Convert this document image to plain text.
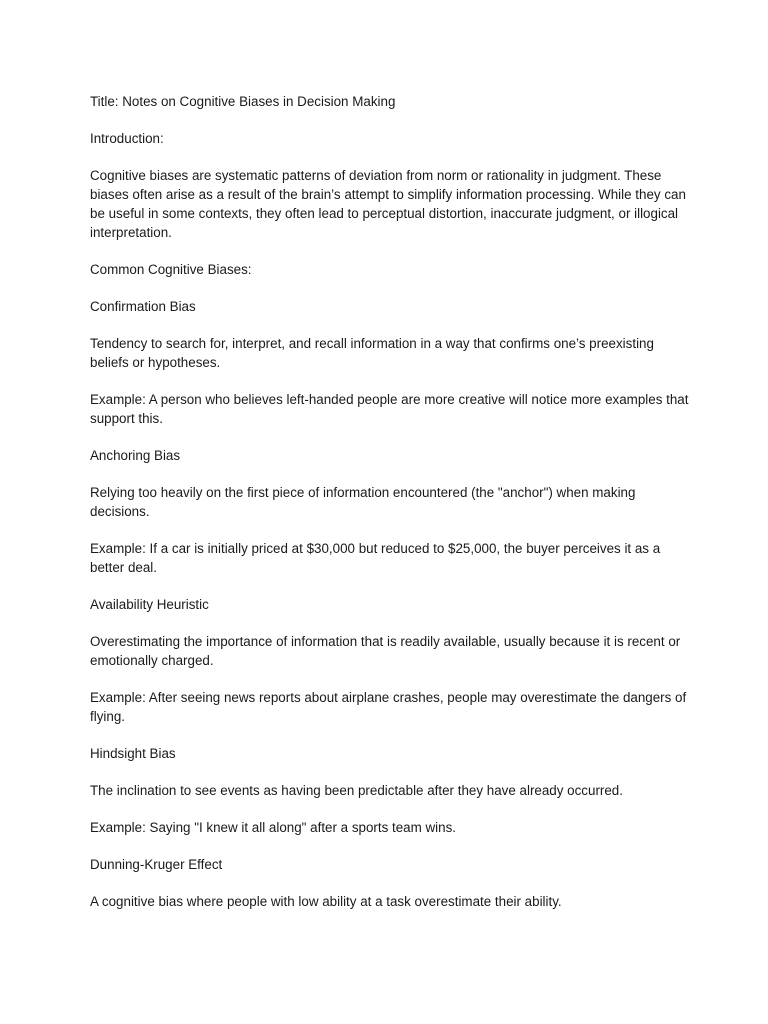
Title: Notes on Cognitive Biases in Decision Making

Introduction:

Cognitive biases are systematic patterns of deviation from norm or rationality in judgment. These biases often arise as a result of the brain’s attempt to simplify information processing. While they can be useful in some contexts, they often lead to perceptual distortion, inaccurate judgment, or illogical interpretation.

Common Cognitive Biases:

Confirmation Bias

Tendency to search for, interpret, and recall information in a way that confirms one’s preexisting beliefs or hypotheses.

Example: A person who believes left-handed people are more creative will notice more examples that support this.

Anchoring Bias

Relying too heavily on the first piece of information encountered (the "anchor") when making decisions.

Example: If a car is initially priced at $30,000 but reduced to $25,000, the buyer perceives it as a better deal.

Availability Heuristic

Overestimating the importance of information that is readily available, usually because it is recent or emotionally charged.

Example: After seeing news reports about airplane crashes, people may overestimate the dangers of flying.

Hindsight Bias

The inclination to see events as having been predictable after they have already occurred.

Example: Saying "I knew it all along" after a sports team wins.

Dunning-Kruger Effect

A cognitive bias where people with low ability at a task overestimate their ability.
